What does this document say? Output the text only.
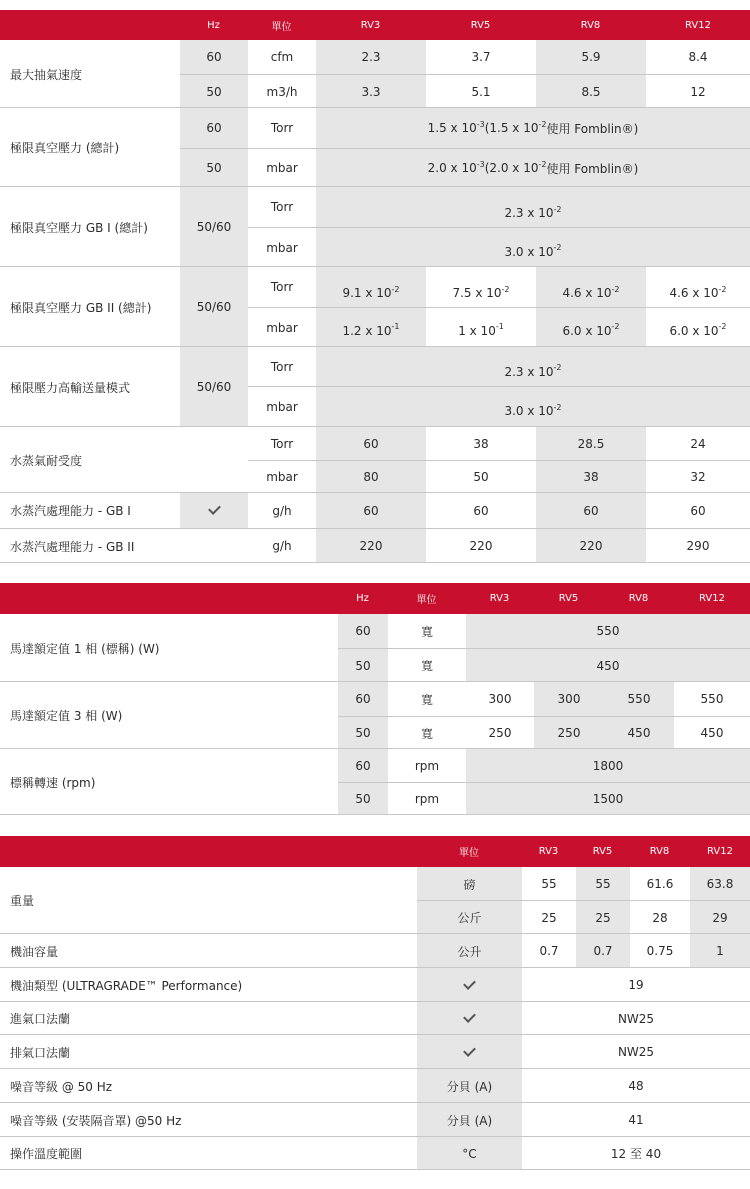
Hz	單位	RV3	RV5	RV8	RV12
最大抽氣速度
60	cfm	2.3	3.7	5.9	8.4
50	m3/h	3.3	5.1	8.5	12
極限真空壓力 (總計)
60	Torr	1.5 x $10^{-3}$ (1.5 x $10^{-2}$ 使用 Fomblin®)
50	mbar	2.0 x $10^{-3}$ (2.0 x $10^{-2}$ 使用 Fomblin®)
極限真空壓力 GB I (總計)	50/60
Torr	2.3 x $10^{-2}$
mbar	3.0 x $10^{-2}$
極限真空壓力 GB II (總計)	50/60
Torr	9.1 x $10^{-2}$	7.5 x $10^{-2}$	4.6 x $10^{-2}$	4.6 x $10^{-2}$
mbar	1.2 x $10^{-1}$	1 x $10^{-1}$	6.0 x $10^{-2}$	6.0 x $10^{-2}$
極限壓力高輸送量模式	50/60
Torr	2.3 x $10^{-2}$
mbar	3.0 x $10^{-2}$
水蒸氣耐受度
Torr	60	38	28.5	24
mbar	80	50	38	32
水蒸汽處理能力 - GB I	g/h	60	60	60	60
水蒸汽處理能力 - GB II	g/h	220	220	220	290
Hz	單位	RV3	RV5	RV8	RV12
馬達額定值 1 相 (標稱) (W)
60	寬	550
50	寬	450
馬達額定值 3 相 (W)
60	寬	300	300	550	550
50	寬	250	250	450	450
標稱轉速 (rpm)
60	rpm	1800
50	rpm	1500
單位	RV3	RV5	RV8	RV12
重量
磅	55	55	61.6	63.8
公斤	25	25	28	29
機油容量	公升	0.7	0.7	0.75	1
機油類型 (ULTRAGRADE™ Performance)	19
進氣口法蘭	NW25
排氣口法蘭	NW25
噪音等級 @ 50 Hz	分貝 (A)	48
噪音等級 (安裝隔音罩) @50 Hz	分貝 (A)	41
操作溫度範圍	°C	12 至 40
